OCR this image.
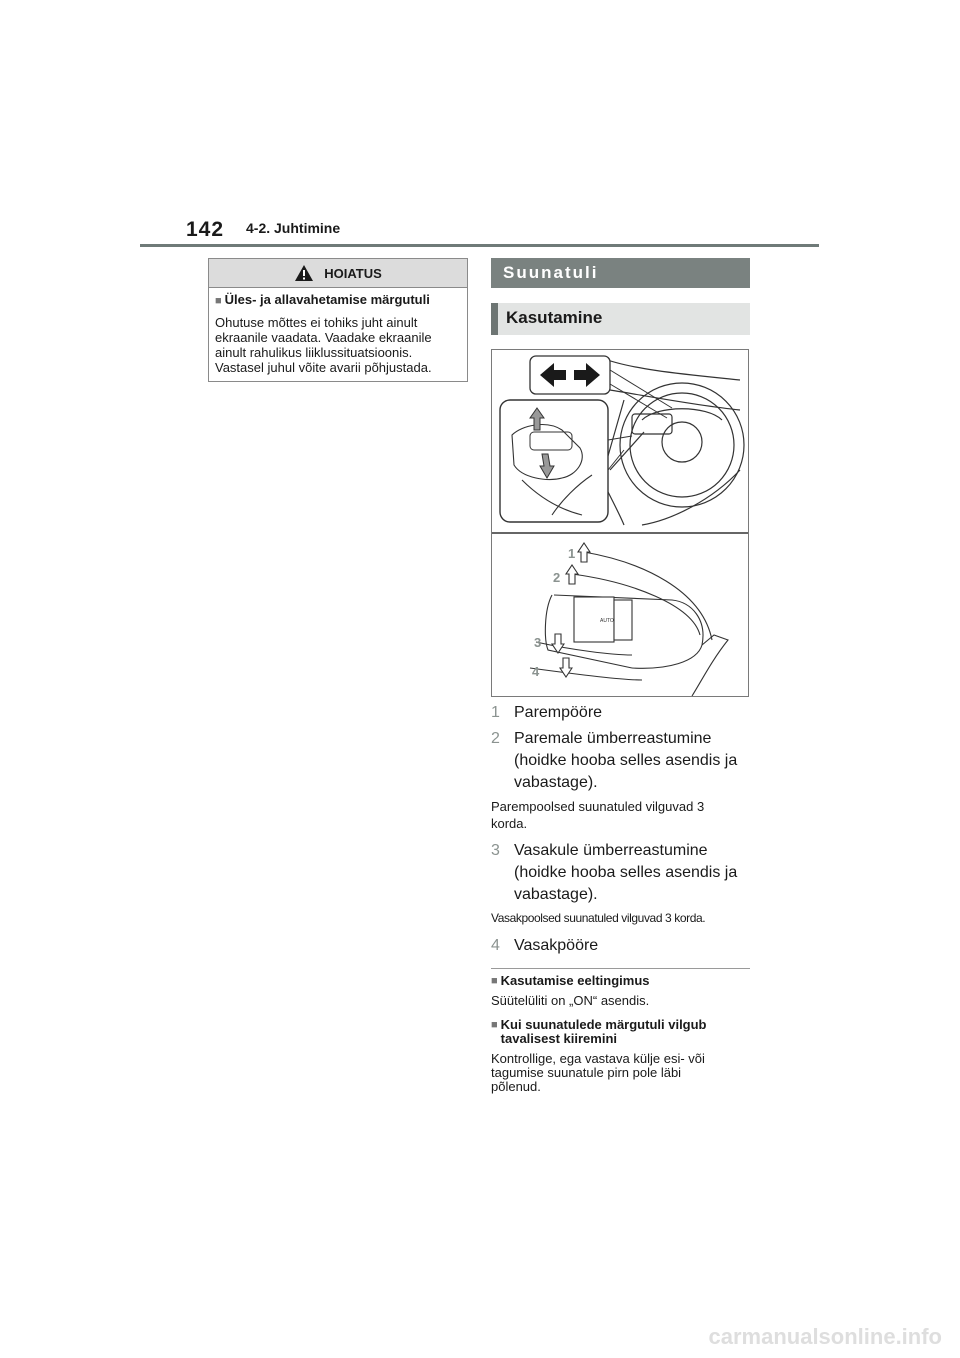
142 4-2. Juhtimine
HOIATUS
■ Üles- ja allavahetamise märgutuli
Ohutuse mõttes ei tohiks juht ainult
ekraanile vaadata. Vaadake ekraanile
ainult rahulikus liiklussituatsioonis.
Vastasel juhul võite avarii põhjustada.
Suunatuli
Kasutamine
AUTO
1
2
3
4
1 Parempööre
2 Paremale ümberreastumine
(hoidke hooba selles asendis ja
vabastage).
Parempoolsed suunatuled vilguvad 3
korda.
3 Vasakule ümberreastumine
(hoidke hooba selles asendis ja
vabastage).
Vasakpoolsed suunatuled vilguvad 3 korda.
4 Vasakpööre
■ Kasutamise eeltingimus
Süütelüliti on „ON“ asendis.
■ Kui suunatulede märgutuli vilgub
tavalisest kiiremini
Kontrollige, ega vastava külje esi- või
tagumise suunatule pirn pole läbi
põlenud.
carmanualsonline.info
